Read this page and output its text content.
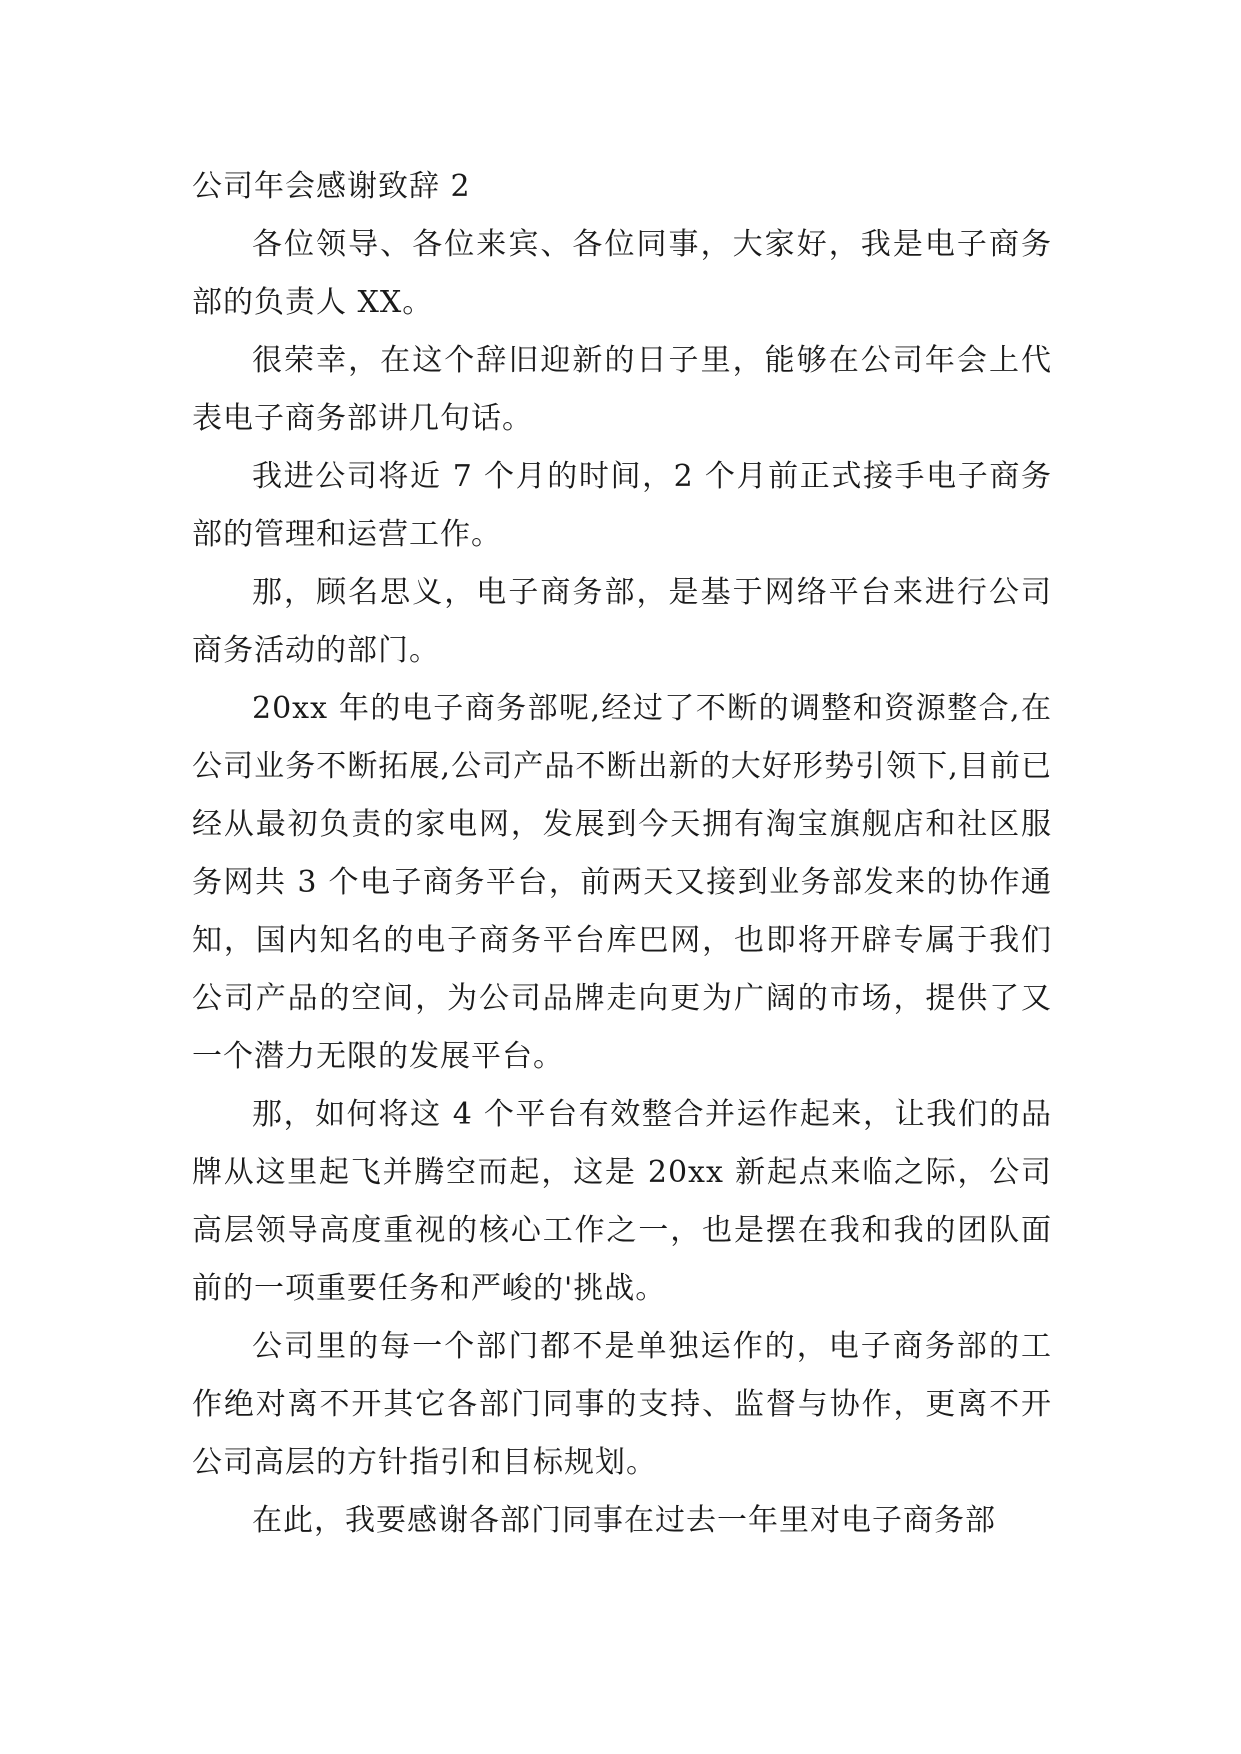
公司年会感谢致辞 2

各位领导、各位来宾、各位同事，大家好，我是电子商务部的负责人 XX。

很荣幸，在这个辞旧迎新的日子里，能够在公司年会上代表电子商务部讲几句话。

我进公司将近 7 个月的时间，2 个月前正式接手电子商务部的管理和运营工作。

那，顾名思义，电子商务部，是基于网络平台来进行公司商务活动的部门。

20xx 年的电子商务部呢,经过了不断的调整和资源整合,在公司业务不断拓展,公司产品不断出新的大好形势引领下,目前已经从最初负责的家电网，发展到今天拥有淘宝旗舰店和社区服务网共 3 个电子商务平台，前两天又接到业务部发来的协作通知，国内知名的电子商务平台库巴网，也即将开辟专属于我们公司产品的空间，为公司品牌走向更为广阔的市场，提供了又一个潜力无限的发展平台。

那，如何将这 4 个平台有效整合并运作起来，让我们的品牌从这里起飞并腾空而起，这是 20xx 新起点来临之际，公司高层领导高度重视的核心工作之一，也是摆在我和我的团队面前的一项重要任务和严峻的'挑战。

公司里的每一个部门都不是单独运作的，电子商务部的工作绝对离不开其它各部门同事的支持、监督与协作，更离不开公司高层的方针指引和目标规划。

在此，我要感谢各部门同事在过去一年里对电子商务部
